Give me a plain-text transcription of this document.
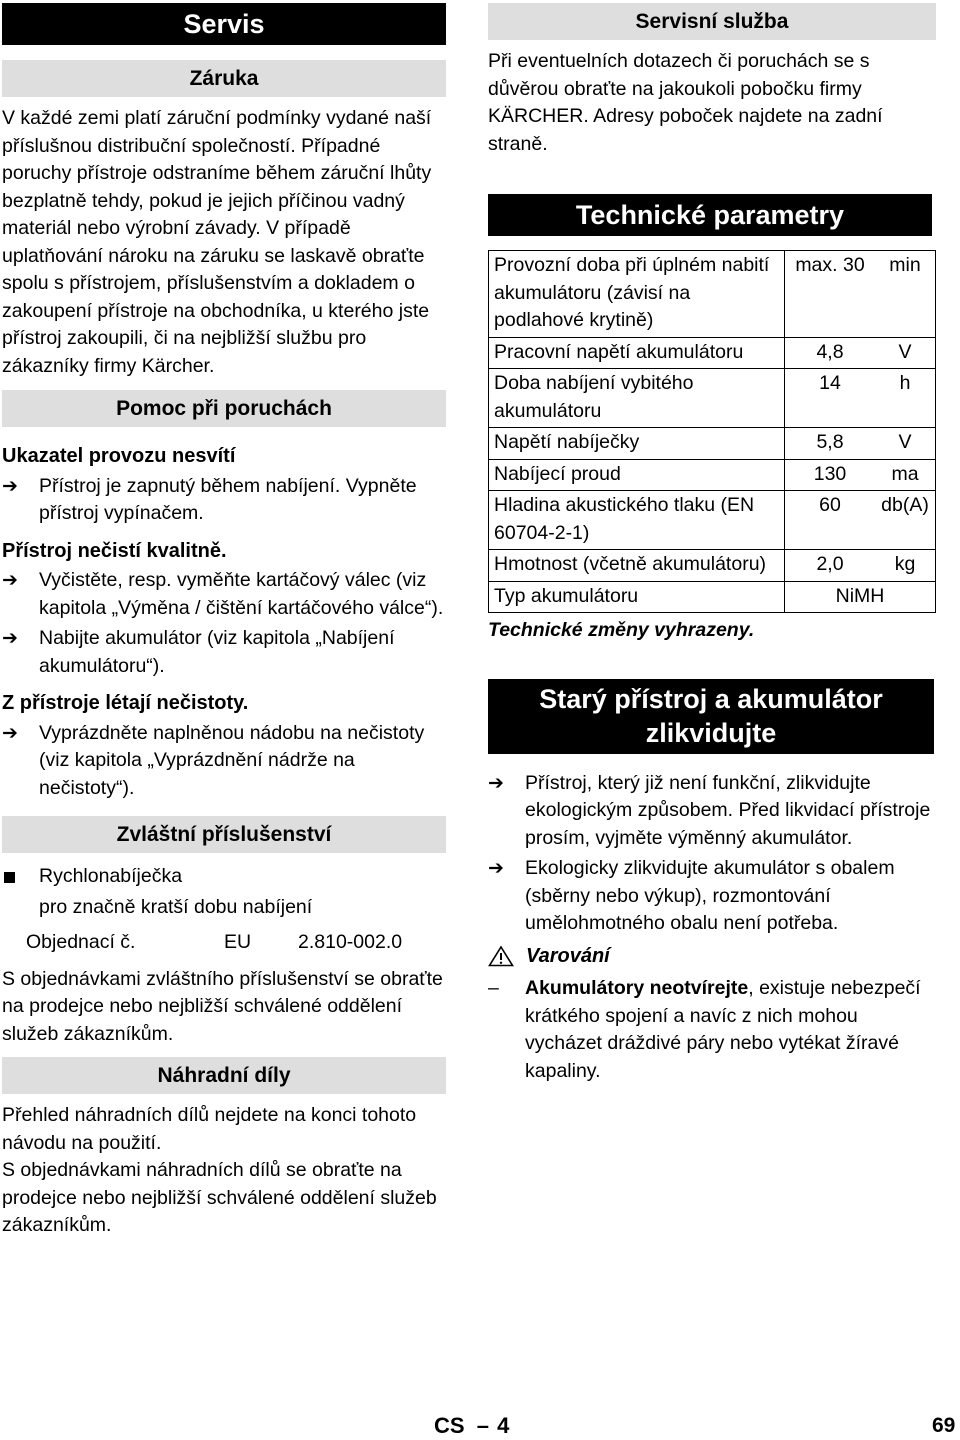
Servis
Záruka

V každé zemi platí záruční podmínky vydané naší příslušnou distribuční společností. Případné poruchy přístroje odstraníme během záruční lhůty bezplatně tehdy, pokud je jejich příčinou vadný materiál nebo výrobní závady. V případě uplatňování nároku na záruku se laskavě obraťte spolu s přístrojem, příslušenstvím a dokladem o zakoupení přístroje na obchodníka, u kterého jste přístroj zakoupili, či na nejbližší službu pro zákazníky firmy Kärcher.

Pomoc při poruchách

Ukazatel provozu nesvítí

➔	Přístroj je zapnutý během nabíjení. Vypněte přístroj vypínačem.

Přístroj nečistí kvalitně.

➔	Vyčistěte, resp. vyměňte kartáčový válec (viz kapitola „Výměna / čištění kartáčového válce“).
➔	Nabijte akumulátor (viz kapitola „Nabíjení akumulátoru“).

Z přístroje létají nečistoty.

➔	Vyprázdněte naplněnou nádobu na nečistoty (viz kapitola „Vyprázdnění nádrže na nečistoty“).
Zvláštní příslušenství
Rychlonabíječka

pro značně kratší dobu nabíjení

Objednací č.	EU	2.810-002.0

S objednávkami zvláštního příslušenství se obraťte na prodejce nebo nejbližší schválené oddělení služeb zákazníkům.

Náhradní díly

Přehled náhradních dílů nejdete na konci tohoto návodu na použití.

S objednávkami náhradních dílů se obraťte na prodejce nebo nejbližší schválené oddělení služeb zákazníkům.

Servisní služba

Při eventuelních dotazech či poruchách se s důvěrou obraťte na jakoukoli pobočku firmy KÄRCHER. Adresy poboček najdete na zadní straně.

Technické parametry
Provozní doba při úplném nabití akumulátoru (závisí na podlahové krytině)	max. 30	min
Pracovní napětí akumulátoru	4,8	V
Doba nabíjení vybitého akumulátoru	14	h
Napětí nabíječky	5,8	V
Nabíjecí proud	130	ma
Hladina akustického tlaku (EN 60704-2-1)	60	db(A)
Hmotnost (včetně akumulátoru)	2,0	kg
Typ akumulátoru	NiMH	

Technické změny vyhrazeny.

Starý přístroj a akumulátor zlikvidujte
➔	Přístroj, který již není funkční, zlikvidujte ekologickým způsobem. Před likvidací přístroje prosím, vyjměte výměnný akumulátor.
➔	Ekologicky zlikvidujte akumulátor s obalem (sběrny nebo výkup), rozmontování umělohmotného obalu není potřeba.
Varování
– Akumulátory neotvírejte, existuje nebezpečí krátkého spojení a navíc z nich mohou vycházet dráždivé páry nebo vytékat žíravé kapaliny.
CS – 4	69
